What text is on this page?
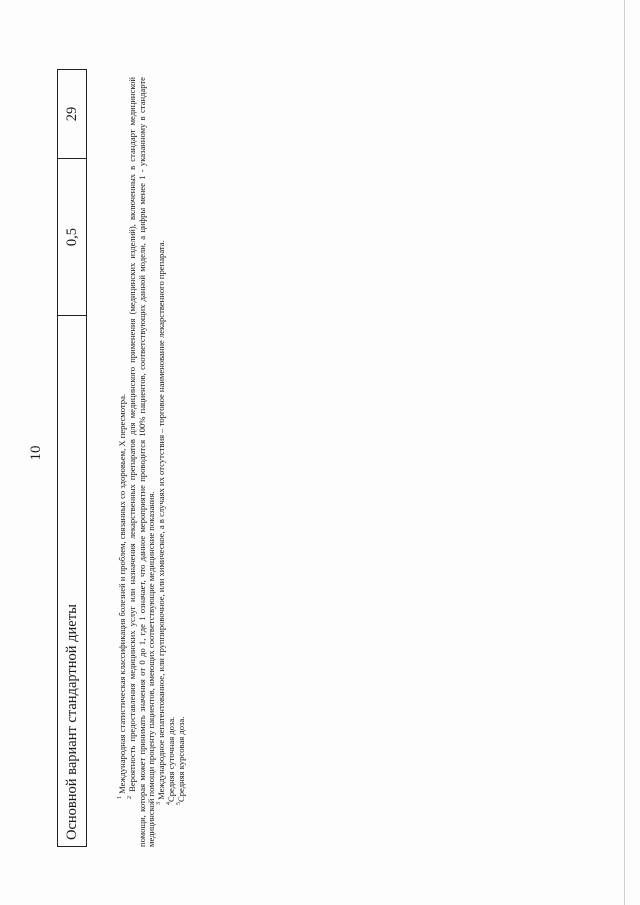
10
Основной вариант стандартной диеты
0,5
29

$^1$ Международная статистическая классификация болезней и проблем, связанных со здоровьем, X пересмотра.

$^2$ Вероятность предоставления медицинских услуг или назначения лекарственных препаратов для медицинского применения (медицинских изделий), включенных в стандарт медицинской помощи, которая может принимать значения от 0 до 1, где 1 означает, что данное мероприятие проводится 100% пациентов, соответствующих данной модели, а цифры менее 1 - указанному в стандарте медицинской помощи проценту пациентов, имеющих соответствующие медицинские показания. $^3$ Международное непатентованное, или группировочное, или химическое, а в случаях их отсутствия – торговое наименование лекарственного препарата.

$^4$Средняя суточная доза.

$^5$Средняя курсовая доза.
